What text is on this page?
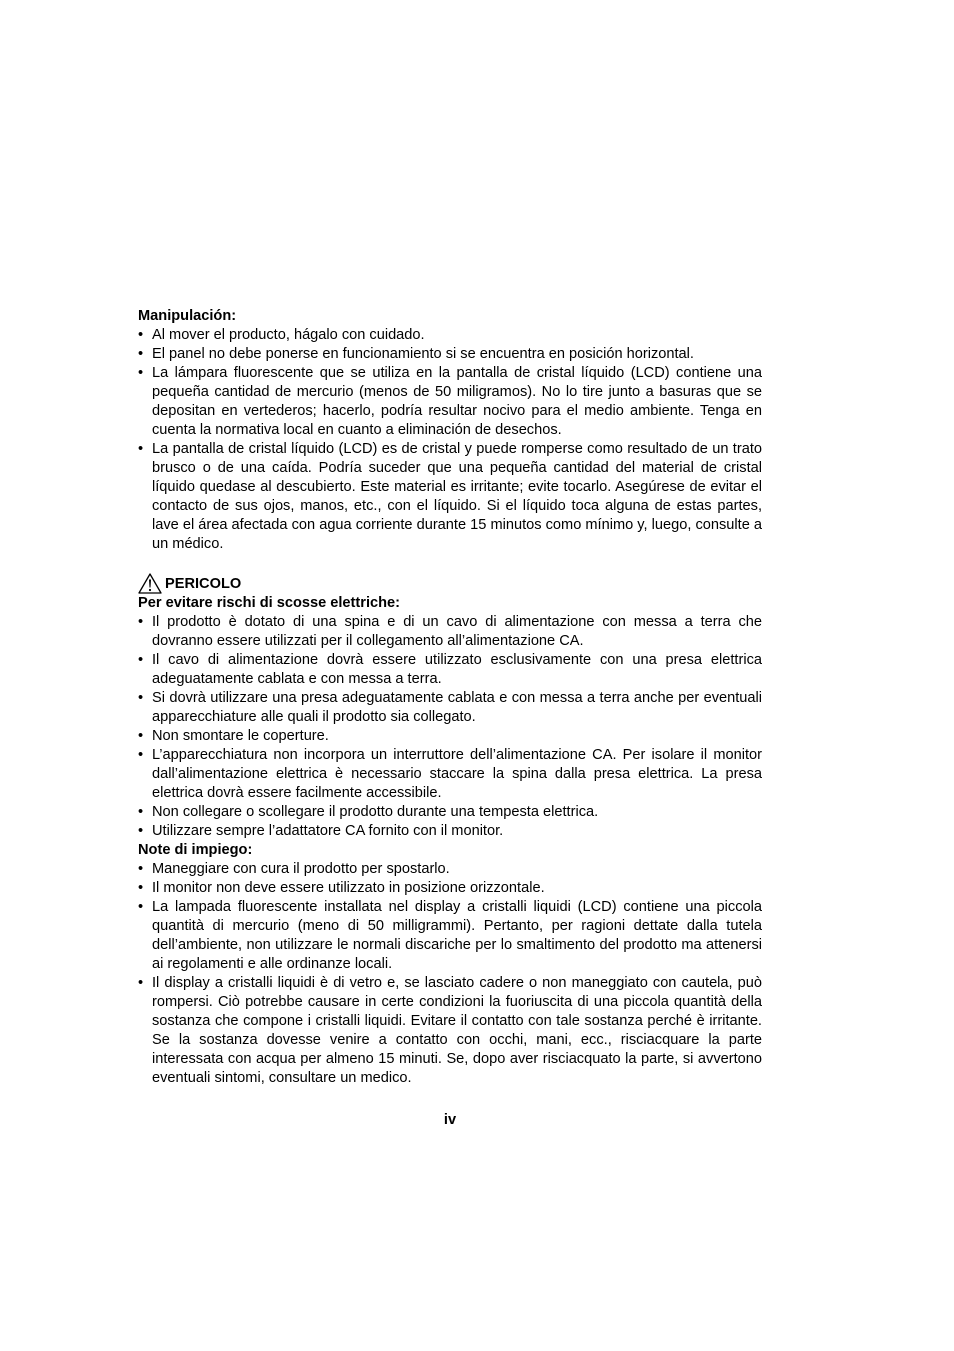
Manipulación:

• Al mover el producto, hágalo con cuidado.
• El panel no debe ponerse en funcionamiento si se encuentra en posición horizontal.
• La lámpara fluorescente que se utiliza en la pantalla de cristal líquido (LCD) contiene una pequeña cantidad de mercurio (menos de 50 miligramos). No lo tire junto a basuras que se depositan en vertederos; hacerlo, podría resultar nocivo para el medio ambiente. Tenga en cuenta la normativa local en cuanto a eliminación de desechos.
• La pantalla de cristal líquido (LCD) es de cristal y puede romperse como resultado de un trato brusco o de una caída. Podría suceder que una pequeña cantidad del material de cristal líquido quedase al descubierto. Este material es irritante; evite tocarlo. Asegúrese de evitar el contacto de sus ojos, manos, etc., con el líquido. Si el líquido toca alguna de estas partes, lave el área afectada con agua corriente durante 15 minutos como mínimo y, luego, consulte a un médico.
PERICOLO

Per evitare rischi di scosse elettriche:

• Il prodotto è dotato di una spina e di un cavo di alimentazione con messa a terra che dovranno essere utilizzati per il collegamento all’alimentazione CA.
• Il cavo di alimentazione dovrà essere utilizzato esclusivamente con una presa elettrica adeguatamente cablata e con messa a terra.
• Si dovrà utilizzare una presa adeguatamente cablata e con messa a terra anche per eventuali apparecchiature alle quali il prodotto sia collegato.
• Non smontare le coperture.
• L’apparecchiatura non incorpora un interruttore dell’alimentazione CA. Per isolare il monitor dall’alimentazione elettrica è necessario staccare la spina dalla presa elettrica. La presa elettrica dovrà essere facilmente accessibile.
• Non collegare o scollegare il prodotto durante una tempesta elettrica.
• Utilizzare sempre l’adattatore CA fornito con il monitor.

Note di impiego:

• Maneggiare con cura il prodotto per spostarlo.
• Il monitor non deve essere utilizzato in posizione orizzontale.
• La lampada fluorescente installata nel display a cristalli liquidi (LCD) contiene una piccola quantità di mercurio (meno di 50 milligrammi). Pertanto, per ragioni dettate dalla tutela dell’ambiente, non utilizzare le normali discariche per lo smaltimento del prodotto ma attenersi ai regolamenti e alle ordinanze locali.
• Il display a cristalli liquidi è di vetro e, se lasciato cadere o non maneggiato con cautela, può rompersi. Ciò potrebbe causare in certe condizioni la fuoriuscita di una piccola quantità della sostanza che compone i cristalli liquidi. Evitare il contatto con tale sostanza perché è irritante. Se la sostanza dovesse venire a contatto con occhi, mani, ecc., risciacquare la parte interessata con acqua per almeno 15 minuti. Se, dopo aver risciacquato la parte, si avvertono eventuali sintomi, consultare un medico.
iv
